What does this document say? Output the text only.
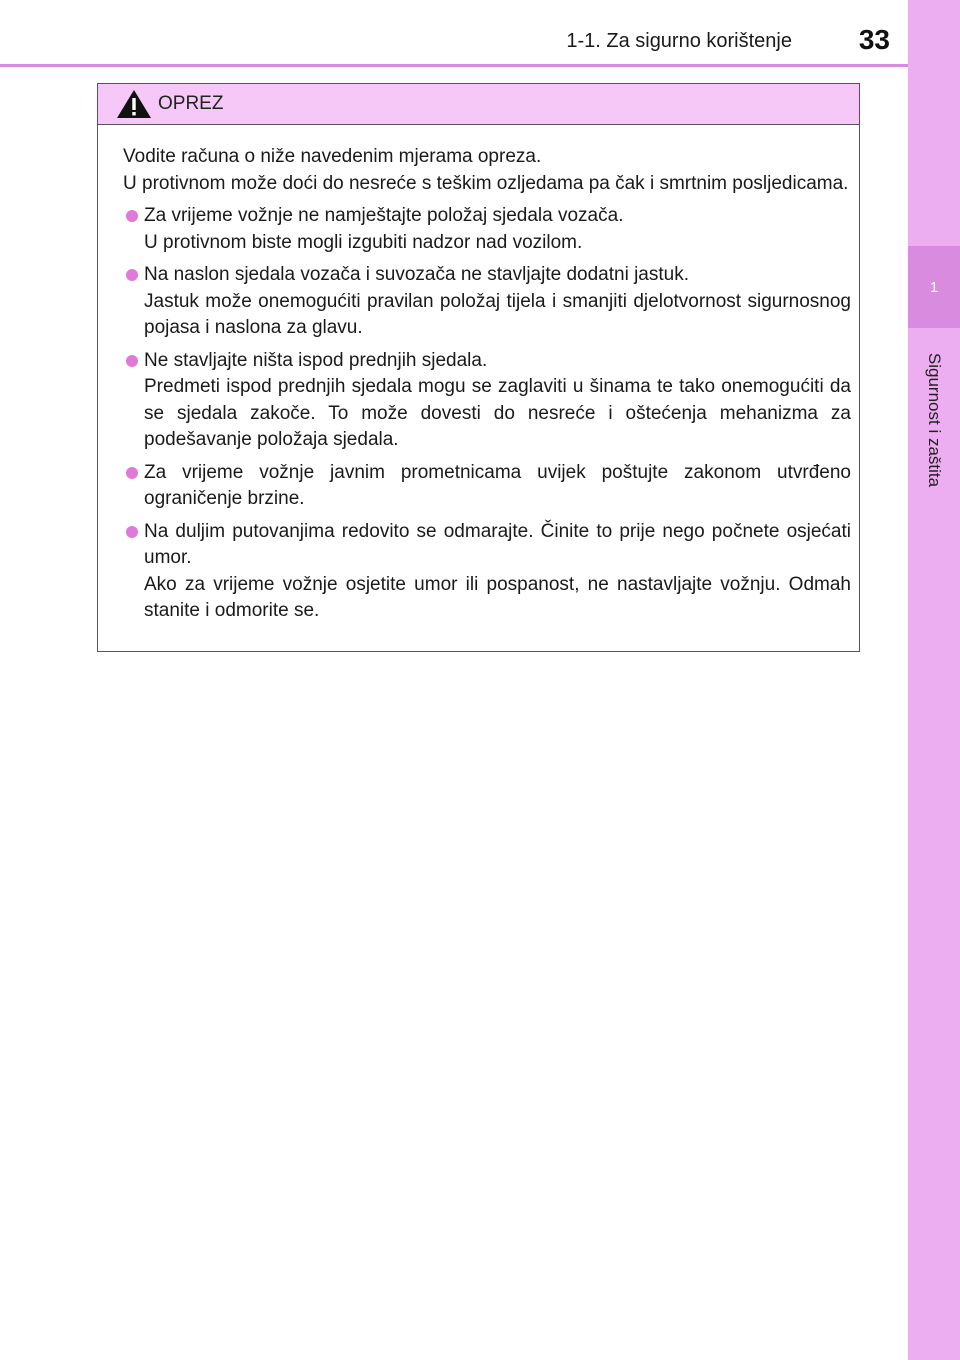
1
Sigurnost i zaštita
1-1. Za sigurno korištenje 33
OPREZ

Vodite računa o niže navedenim mjerama opreza.

U protivnom može doći do nesreće s teškim ozljedama pa čak i smrtnim posljedicama.

Za vrijeme vožnje ne namještajte položaj sjedala vozača.

U protivnom biste mogli izgubiti nadzor nad vozilom.

Na naslon sjedala vozača i suvozača ne stavljajte dodatni jastuk.

Jastuk može onemogućiti pravilan položaj tijela i smanjiti djelotvornost sigurnosnog pojasa i naslona za glavu.

Ne stavljajte ništa ispod prednjih sjedala.

Predmeti ispod prednjih sjedala mogu se zaglaviti u šinama te tako onemogućiti da se sjedala zakoče. To može dovesti do nesreće i oštećenja mehanizma za podešavanje položaja sjedala.

Za vrijeme vožnje javnim prometnicama uvijek poštujte zakonom utvrđeno ograničenje brzine.

Na duljim putovanjima redovito se odmarajte. Činite to prije nego počnete osjećati umor.

Ako za vrijeme vožnje osjetite umor ili pospanost, ne nastavljajte vožnju. Odmah stanite i odmorite se.
